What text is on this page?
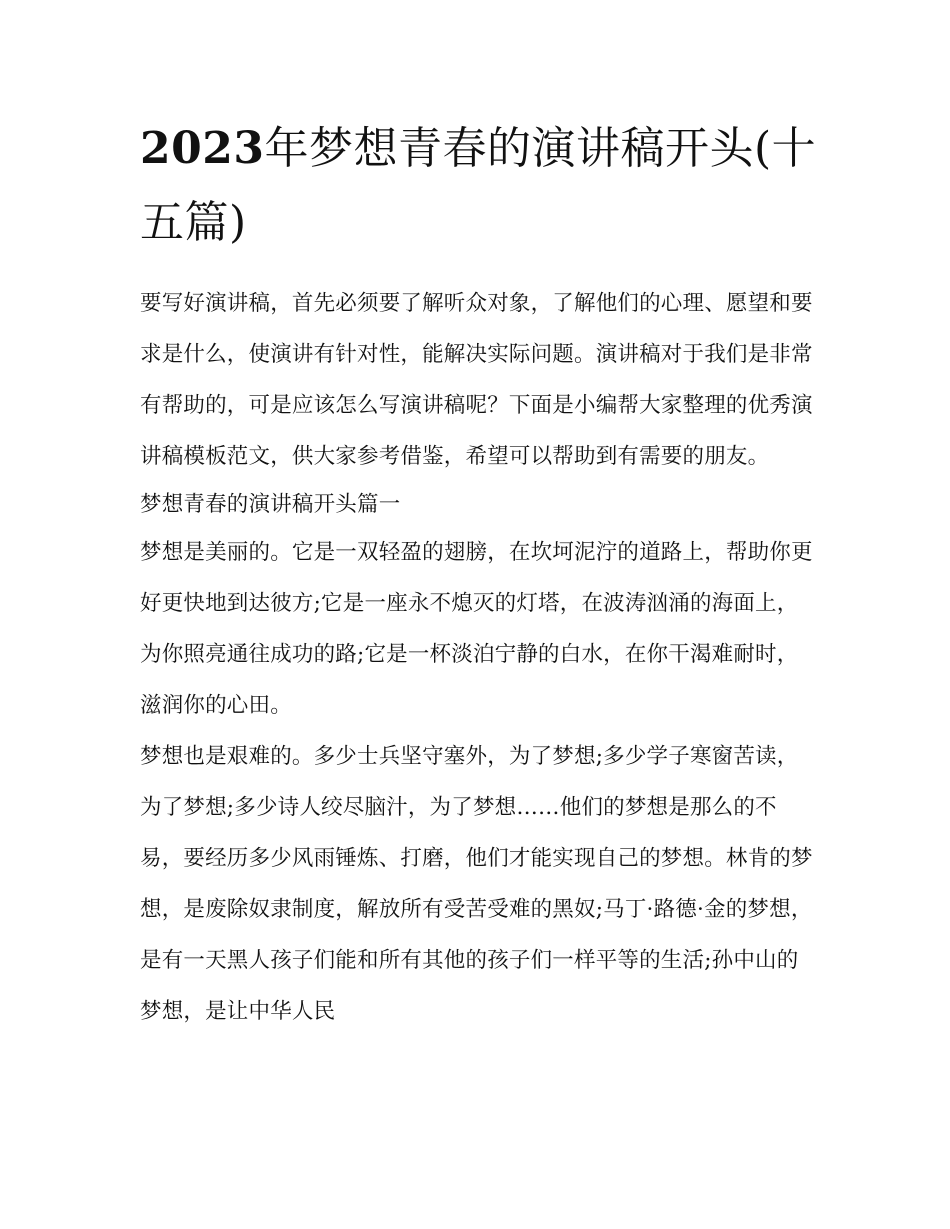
2023年梦想青春的演讲稿开头(十五篇)

要写好演讲稿，首先必须要了解听众对象，了解他们的心理、愿望和要求是什么，使演讲有针对性，能解决实际问题。演讲稿对于我们是非常有帮助的，可是应该怎么写演讲稿呢？下面是小编帮大家整理的优秀演讲稿模板范文，供大家参考借鉴，希望可以帮助到有需要的朋友。

梦想青春的演讲稿开头篇一

梦想是美丽的。它是一双轻盈的翅膀，在坎坷泥泞的道路上，帮助你更好更快地到达彼方;它是一座永不熄灭的灯塔，在波涛汹涌的海面上，为你照亮通往成功的路;它是一杯淡泊宁静的白水，在你干渴难耐时，滋润你的心田。

梦想也是艰难的。多少士兵坚守塞外，为了梦想;多少学子寒窗苦读，为了梦想;多少诗人绞尽脑汁，为了梦想……他们的梦想是那么的不易，要经历多少风雨锤炼、打磨，他们才能实现自己的梦想。林肯的梦想，是废除奴隶制度，解放所有受苦受难的黑奴;马丁·路德·金的梦想，是有一天黑人孩子们能和所有其他的孩子们一样平等的生活;孙中山的梦想，是让中华人民
